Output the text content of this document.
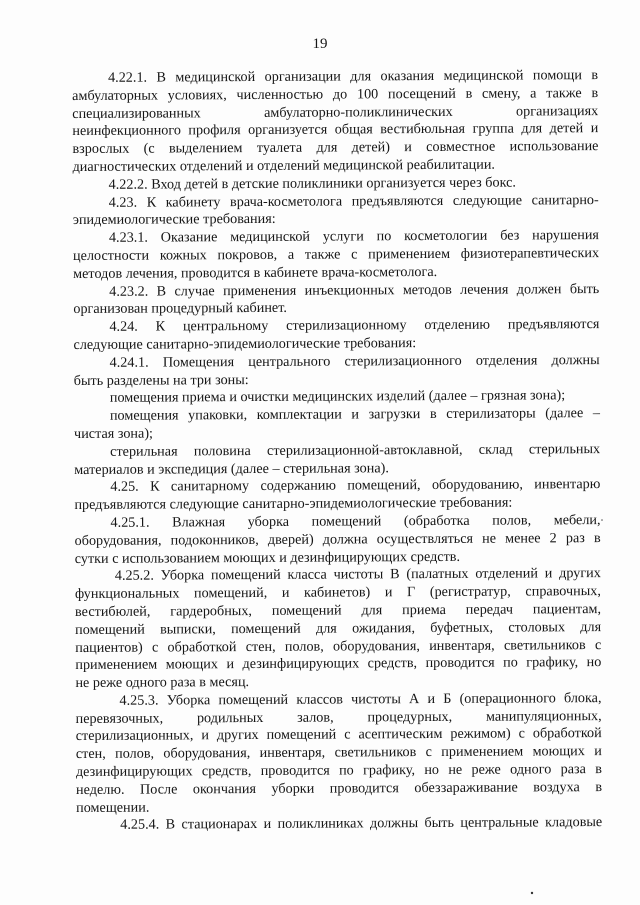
19
4.22.1. В медицинской организации для оказания медицинской помощи в
амбулаторных условиях, численностью до 100 посещений в смену, а также в
специализированных амбулаторно-поликлинических организациях
неинфекционного профиля организуется общая вестибюльная группа для детей и
взрослых (с выделением туалета для детей) и совместное использование
диагностических отделений и отделений медицинской реабилитации.
4.22.2. Вход детей в детские поликлиники организуется через бокс.
4.23. К кабинету врача-косметолога предъявляются следующие санитарно-
эпидемиологические требования:
4.23.1. Оказание медицинской услуги по косметологии без нарушения
целостности кожных покровов, а также с применением физиотерапевтических
методов лечения, проводится в кабинете врача-косметолога.
4.23.2. В случае применения инъекционных методов лечения должен быть
организован процедурный кабинет.
4.24. К центральному стерилизационному отделению предъявляются
следующие санитарно-эпидемиологические требования:
4.24.1. Помещения центрального стерилизационного отделения должны
быть разделены на три зоны:
помещения приема и очистки медицинских изделий (далее – грязная зона);
помещения упаковки, комплектации и загрузки в стерилизаторы (далее –
чистая зона);
стерильная половина стерилизационной-автоклавной, склад стерильных
материалов и экспедиция (далее – стерильная зона).
4.25. К санитарному содержанию помещений, оборудованию, инвентарю
предъявляются следующие санитарно-эпидемиологические требования:
4.25.1. Влажная уборка помещений (обработка полов, мебели,
оборудования, подоконников, дверей) должна осуществляться не менее 2 раз в
сутки с использованием моющих и дезинфицирующих средств.
4.25.2. Уборка помещений класса чистоты В (палатных отделений и других
функциональных помещений, и кабинетов) и Г (регистратур, справочных,
вестибюлей, гардеробных, помещений для приема передач пациентам,
помещений выписки, помещений для ожидания, буфетных, столовых для
пациентов) с обработкой стен, полов, оборудования, инвентаря, светильников с
применением моющих и дезинфицирующих средств, проводится по графику, но
не реже одного раза в месяц.
4.25.3. Уборка помещений классов чистоты А и Б (операционного блока,
перевязочных, родильных залов, процедурных, манипуляционных,
стерилизационных, и других помещений с асептическим режимом) с обработкой
стен, полов, оборудования, инвентаря, светильников с применением моющих и
дезинфицирующих средств, проводится по графику, но не реже одного раза в
неделю. После окончания уборки проводится обеззараживание воздуха в
помещении.
4.25.4. В стационарах и поликлиниках должны быть центральные кладовые
